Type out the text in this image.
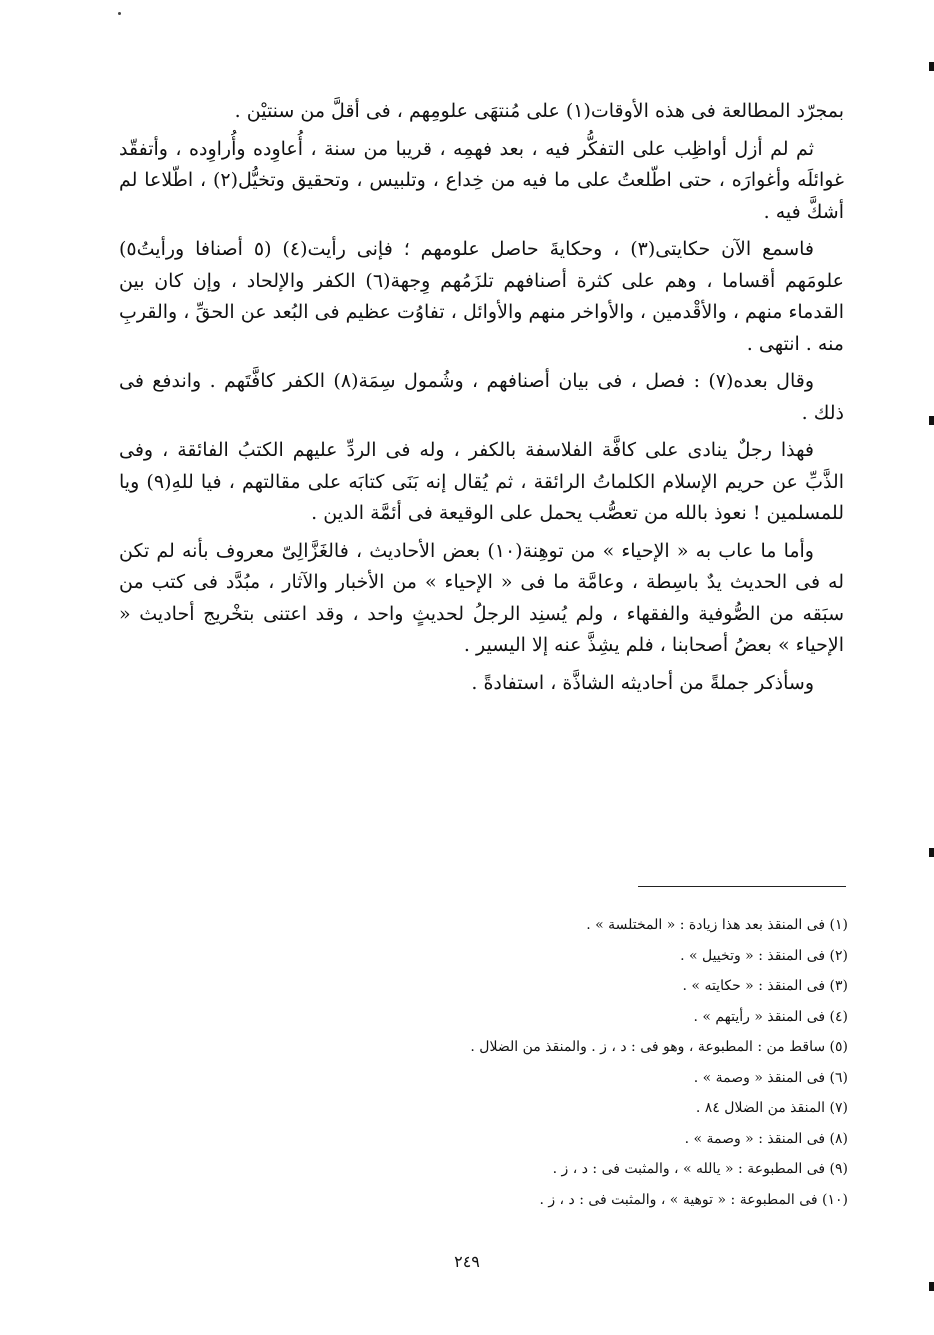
بمجرّد المطالعة فى هذه الأوقات(١) على مُنتهَى علومِهم ، فى أقلَّ من سنتيْن .

ثم لم أزل أواظِب على التفكُّر فيه ، بعد فهمِه ، قريبا من سنة ، أُعاوِده وأُراوِده ، وأتفقّد غوائلَه وأغوارَه ، حتى اطّلعتُ على ما فيه من خِداع ، وتلبيس ، وتحقيق وتخيُّل(٢) ، اطّلاعا لم أشكَّ فيه .

فاسمع الآن حكايتى(٣) ، وحكايةَ حاصل علومهم ؛ فإنى رأيت(٤) (٥ أصنافا ورأيتُ٥) علومَهم أقساما ، وهم على كثرة أصنافهم تلزَمُهم وِجهة(٦) الكفر والإلحاد ، وإن كان بين القدماء منهم ، والأقْدمين ، والأواخر منهم والأوائل ، تفاوُت عظيم فى البُعد عن الحقِّ ، والقربِ منه . انتهى .

وقال بعده(٧) : فصل ، فى بيان أصنافهم ، وشُمول سِمَة(٨) الكفر كافَّتَهم . واندفع فى ذلك .

فهذا رجلٌ ينادى على كافَّة الفلاسفة بالكفر ، وله فى الردِّ عليهم الكتبُ الفائقة ، وفى الذَّبِّ عن حريم الإسلام الكلماتُ الرائقة ، ثم يُقال إنه بَنَى كتابَه على مقالتهم ، فيا للهِ(٩) ويا للمسلمين ! نعوذ بالله من تعصُّب يحمل على الوقيعة فى أئمَّة الدين .

وأما ما عاب به « الإحياء » من توهِنة(١٠) بعض الأحاديث ، فالغَزَّالِىّ معروف بأنه لم تكن له فى الحديث يدٌ باسِطة ، وعامَّة ما فى « الإحياء » من الأخبار والآثار ، مبُدَّد فى كتب من سبَقه من الصُّوفية والفقهاء ، ولم يُسنِد الرجلُ لحديثٍ واحد ، وقد اعتنى بتخْريج أحاديث « الإحياء » بعضُ أصحابنا ، فلم يشِذَّ عنه إلا اليسير .

وسأذكر جملةً من أحاديثه الشاذَّة ، استفادةً .

(١) فى المنقذ بعد هذا زيادة : « المختلسة » .
(٢) فى المنقذ : « وتخييل » .
(٣) فى المنقذ : « حكايته » .
(٤) فى المنقذ « رأيتهم » .
(٥) ساقط من : المطبوعة ، وهو فى : د ، ز . والمنقذ من الضلال .
(٦) فى المنقذ « وصمة » .
(٧) المنقذ من الضلال ٨٤ .
(٨) فى المنقذ : « وصمة » .
(٩) فى المطبوعة : « يالله » ، والمثبت فى : د ، ز .
(١٠) فى المطبوعة : « توهية » ، والمثبت فى : د ، ز .
٢٤٩
